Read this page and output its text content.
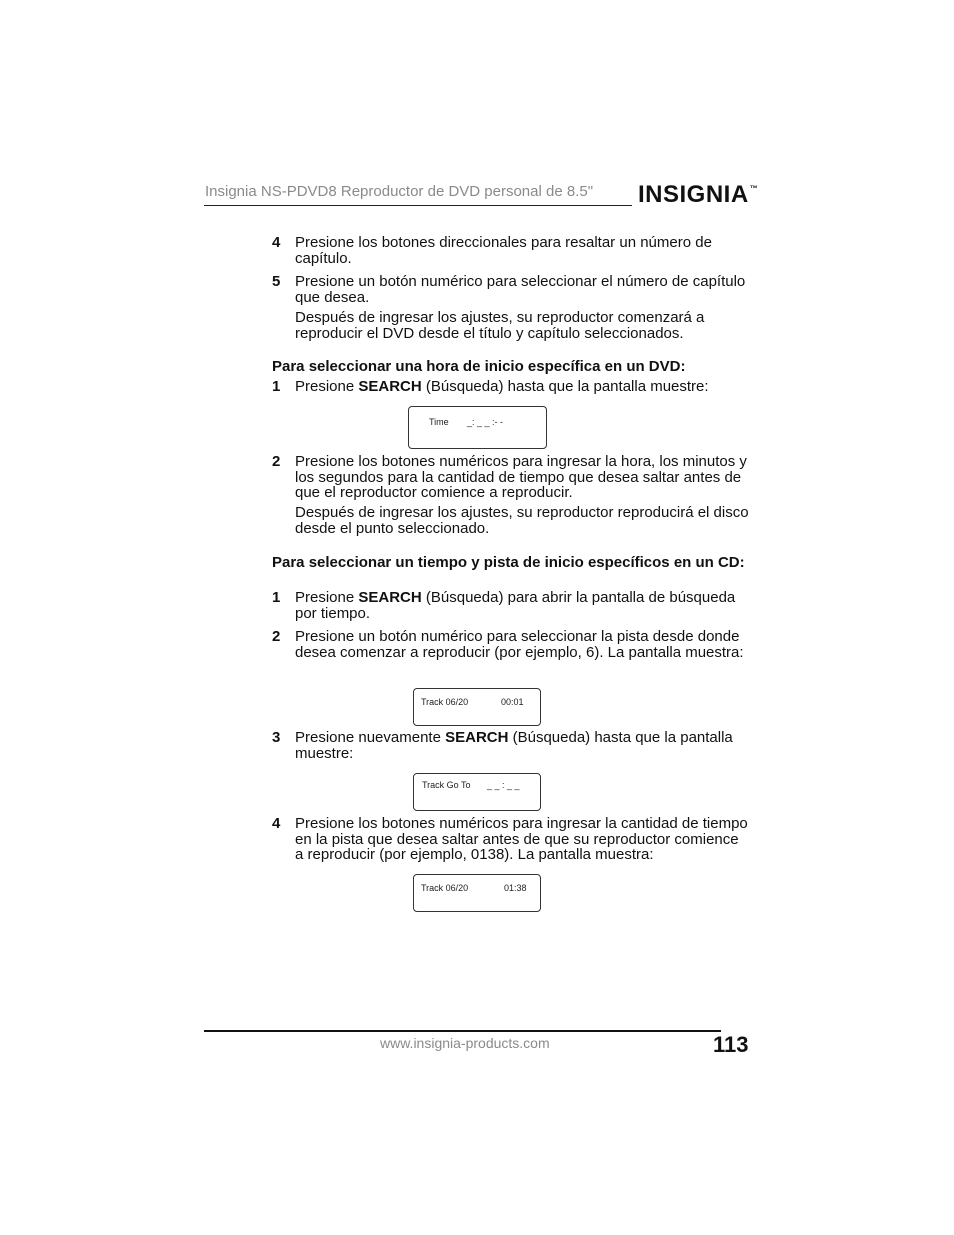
Insignia NS-PDVD8 Reproductor de DVD personal de 8.5" INSIGNIA™
4 Presione los botones direccionales para resaltar un número de capítulo.
5 Presione un botón numérico para seleccionar el número de capítulo que desea.
Después de ingresar los ajustes, su reproductor comenzará a reproducir el DVD desde el título y capítulo seleccionados.
Para seleccionar una hora de inicio específica en un DVD:
1 Presione SEARCH (Búsqueda) hasta que la pantalla muestre:
Time _: _ _ :- -
2 Presione los botones numéricos para ingresar la hora, los minutos y los segundos para la cantidad de tiempo que desea saltar antes de que el reproductor comience a reproducir.
Después de ingresar los ajustes, su reproductor reproducirá el disco desde el punto seleccionado.
Para seleccionar un tiempo y pista de inicio específicos en un CD:
1 Presione SEARCH (Búsqueda) para abrir la pantalla de búsqueda por tiempo.
2 Presione un botón numérico para seleccionar la pista desde donde desea comenzar a reproducir (por ejemplo, 6). La pantalla muestra:
Track 06/20	00:01
3 Presione nuevamente SEARCH (Búsqueda) hasta que la pantalla muestre:
Track Go To _ _ : _ _
4 Presione los botones numéricos para ingresar la cantidad de tiempo en la pista que desea saltar antes de que su reproductor comience a reproducir (por ejemplo, 0138). La pantalla muestra:
Track 06/20	01:38
www.insignia-products.com	113
